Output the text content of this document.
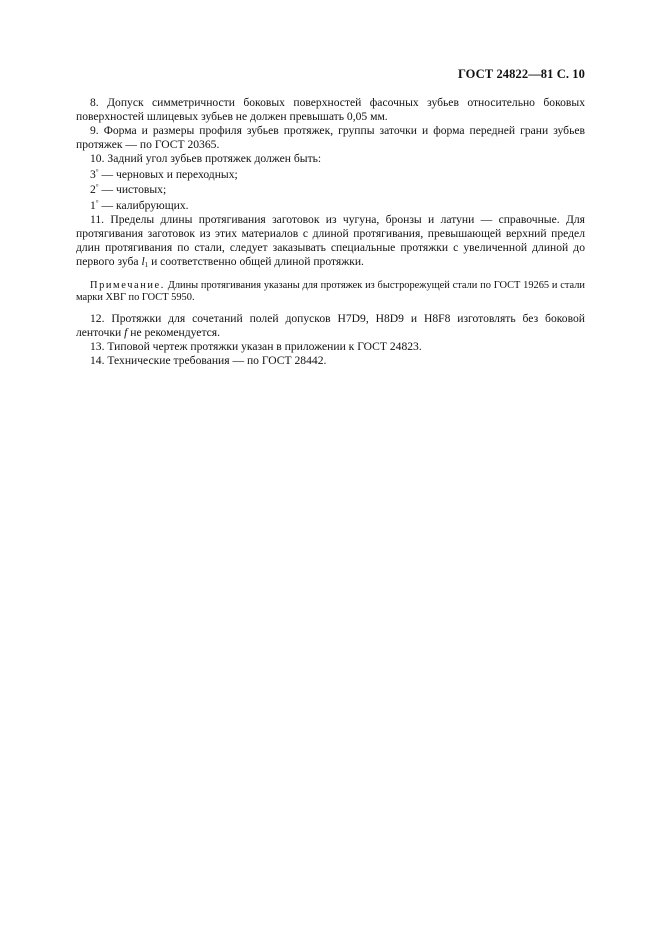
ГОСТ 24822—81 С. 10

8. Допуск симметричности боковых поверхностей фасочных зубьев относительно боковых поверхностей шлицевых зубьев не должен превышать 0,05 мм.

9. Форма и размеры профиля зубьев протяжек, группы заточки и форма передней грани зубьев протяжек — по ГОСТ 20365.

10. Задний угол зубьев протяжек должен быть:

3° — черновых и переходных;

2° — чистовых;

1° — калибрующих.

11. Пределы длины протягивания заготовок из чугуна, бронзы и латуни — справочные. Для протягивания заготовок из этих материалов с длиной протягивания, превышающей верхний предел длин протягивания по стали, следует заказывать специальные протяжки с увеличенной длиной до первого зуба $l_1$ и соответственно общей длиной протяжки.

Примечание. Длины протягивания указаны для протяжек из быстрорежущей стали по ГОСТ 19265 и стали марки ХВГ по ГОСТ 5950.

12. Протяжки для сочетаний полей допусков H7D9, H8D9 и H8F8 изготовлять без боковой ленточки f не рекомендуется.

13. Типовой чертеж протяжки указан в приложении к ГОСТ 24823.

14. Технические требования — по ГОСТ 28442.
